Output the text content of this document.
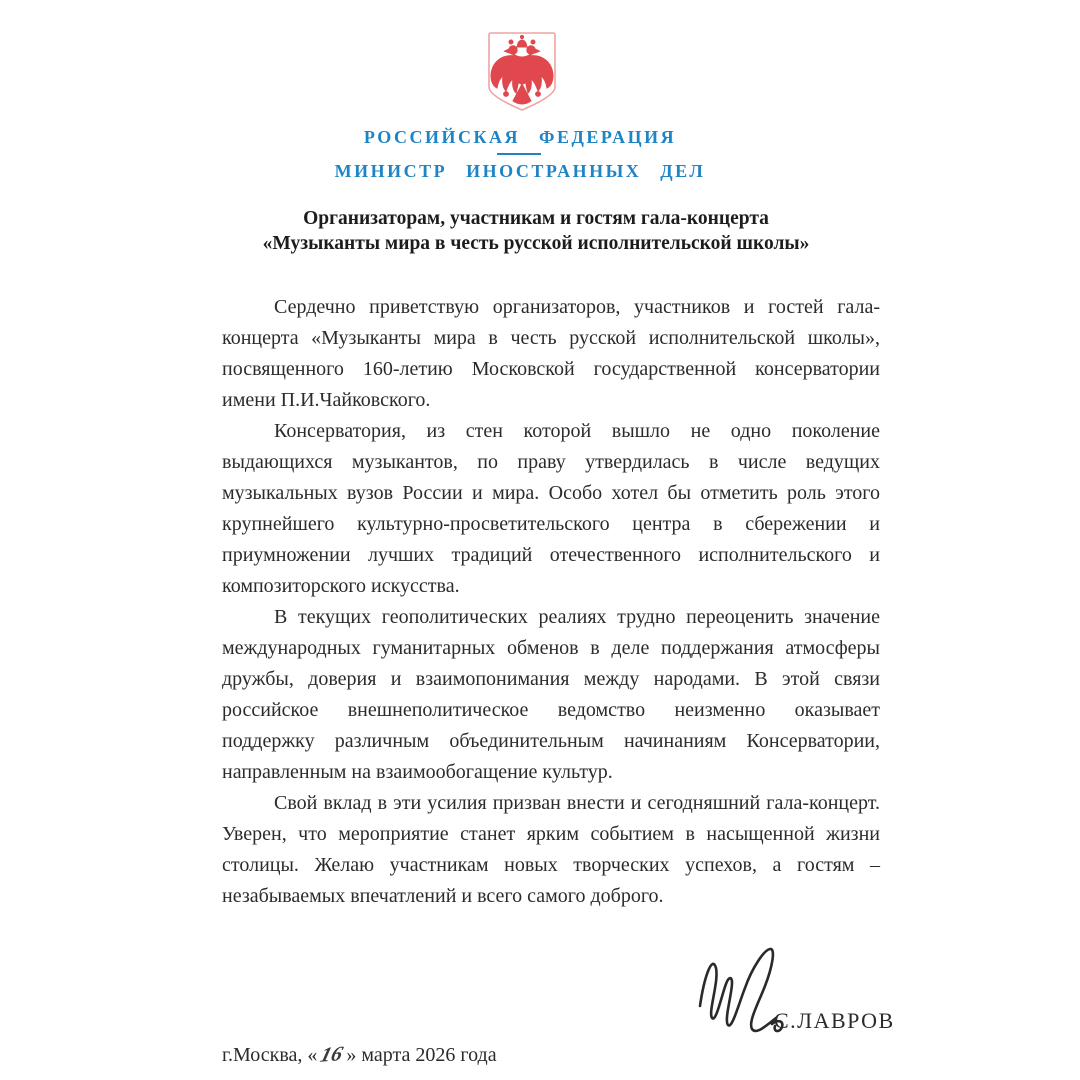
РОССИЙСКАЯ ФЕДЕРАЦИЯ
МИНИСТР ИНОСТРАННЫХ ДЕЛ
Организаторам, участникам и гостям гала-концерта
«Музыканты мира в честь русской исполнительской школы»

Сердечно приветствую организаторов, участников и гостей гала-концерта «Музыканты мира в честь русской исполнительской школы», посвященного 160-летию Московской государственной консерватории имени П.И.Чайковского.

Консерватория, из стен которой вышло не одно поколение выдающихся музыкантов, по праву утвердилась в числе ведущих музыкальных вузов России и мира. Особо хотел бы отметить роль этого крупнейшего культурно-просветительского центра в сбережении и приумножении лучших традиций отечественного исполнительского и композиторского искусства.

В текущих геополитических реалиях трудно переоценить значение международных гуманитарных обменов в деле поддержания атмосферы дружбы, доверия и взаимопонимания между народами. В этой связи российское внешнеполитическое ведомство неизменно оказывает поддержку различным объединительным начинаниям Консерватории, направленным на взаимообогащение культур.

Свой вклад в эти усилия призван внести и сегодняшний гала-концерт. Уверен, что мероприятие станет ярким событием в насыщенной жизни столицы. Желаю участникам новых творческих успехов, а гостям – незабываемых впечатлений и всего самого доброго.

С.ЛАВРОВ
г.Москва, «16» марта 2026 года
